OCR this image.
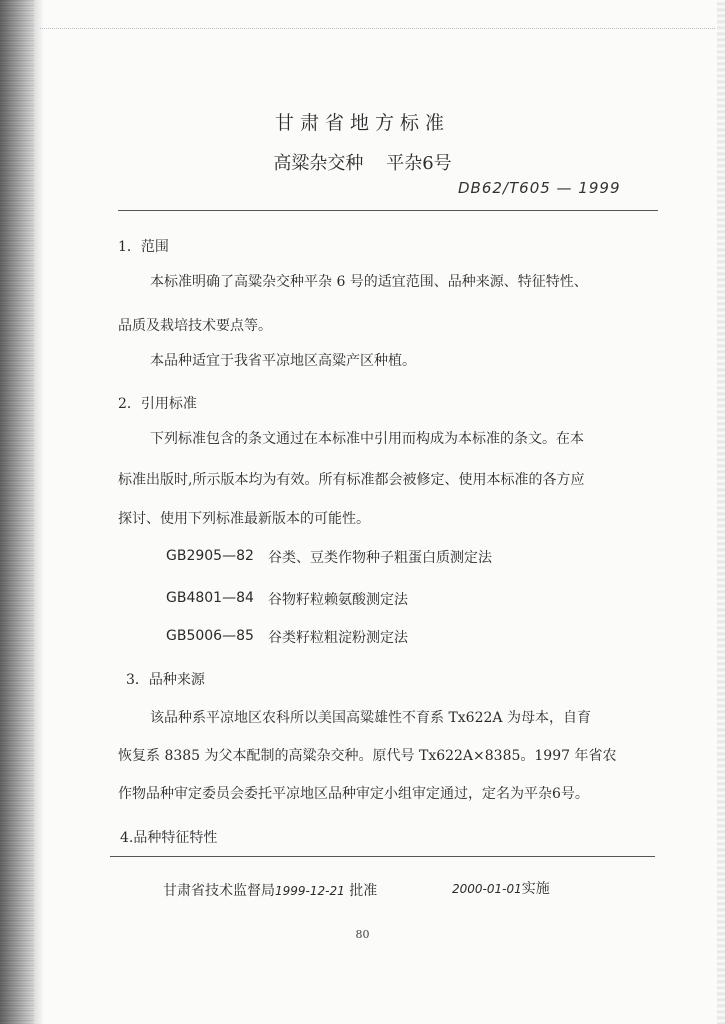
甘肃省地方标准
高粱杂交种    平杂6号
DB62/T605 — 1999
1．范围
本标准明确了高粱杂交种平杂 6 号的适宜范围、品种来源、特征特性、
品质及栽培技术要点等。
本品种适宜于我省平凉地区高粱产区种植。
2．引用标准
下列标准包含的条文通过在本标准中引用而构成为本标准的条文。在本
标准出版时,所示版本均为有效。所有标准都会被修定、使用本标准的各方应
探讨、使用下列标准最新版本的可能性。
GB2905—82 谷类、豆类作物种子粗蛋白质测定法
GB4801—84 谷物籽粒赖氨酸测定法
GB5006—85 谷类籽粒粗淀粉测定法
3．品种来源
该品种系平凉地区农科所以美国高粱雄性不育系 Tx622A 为母本，自育
恢复系 8385 为父本配制的高粱杂交种。原代号 Tx622A×8385。1997 年省农
作物品种审定委员会委托平凉地区品种审定小组审定通过，定名为平杂6号。
4.品种特征特性
甘肃省技术监督局1999-12-21 批准	2000-01-01实施
80
